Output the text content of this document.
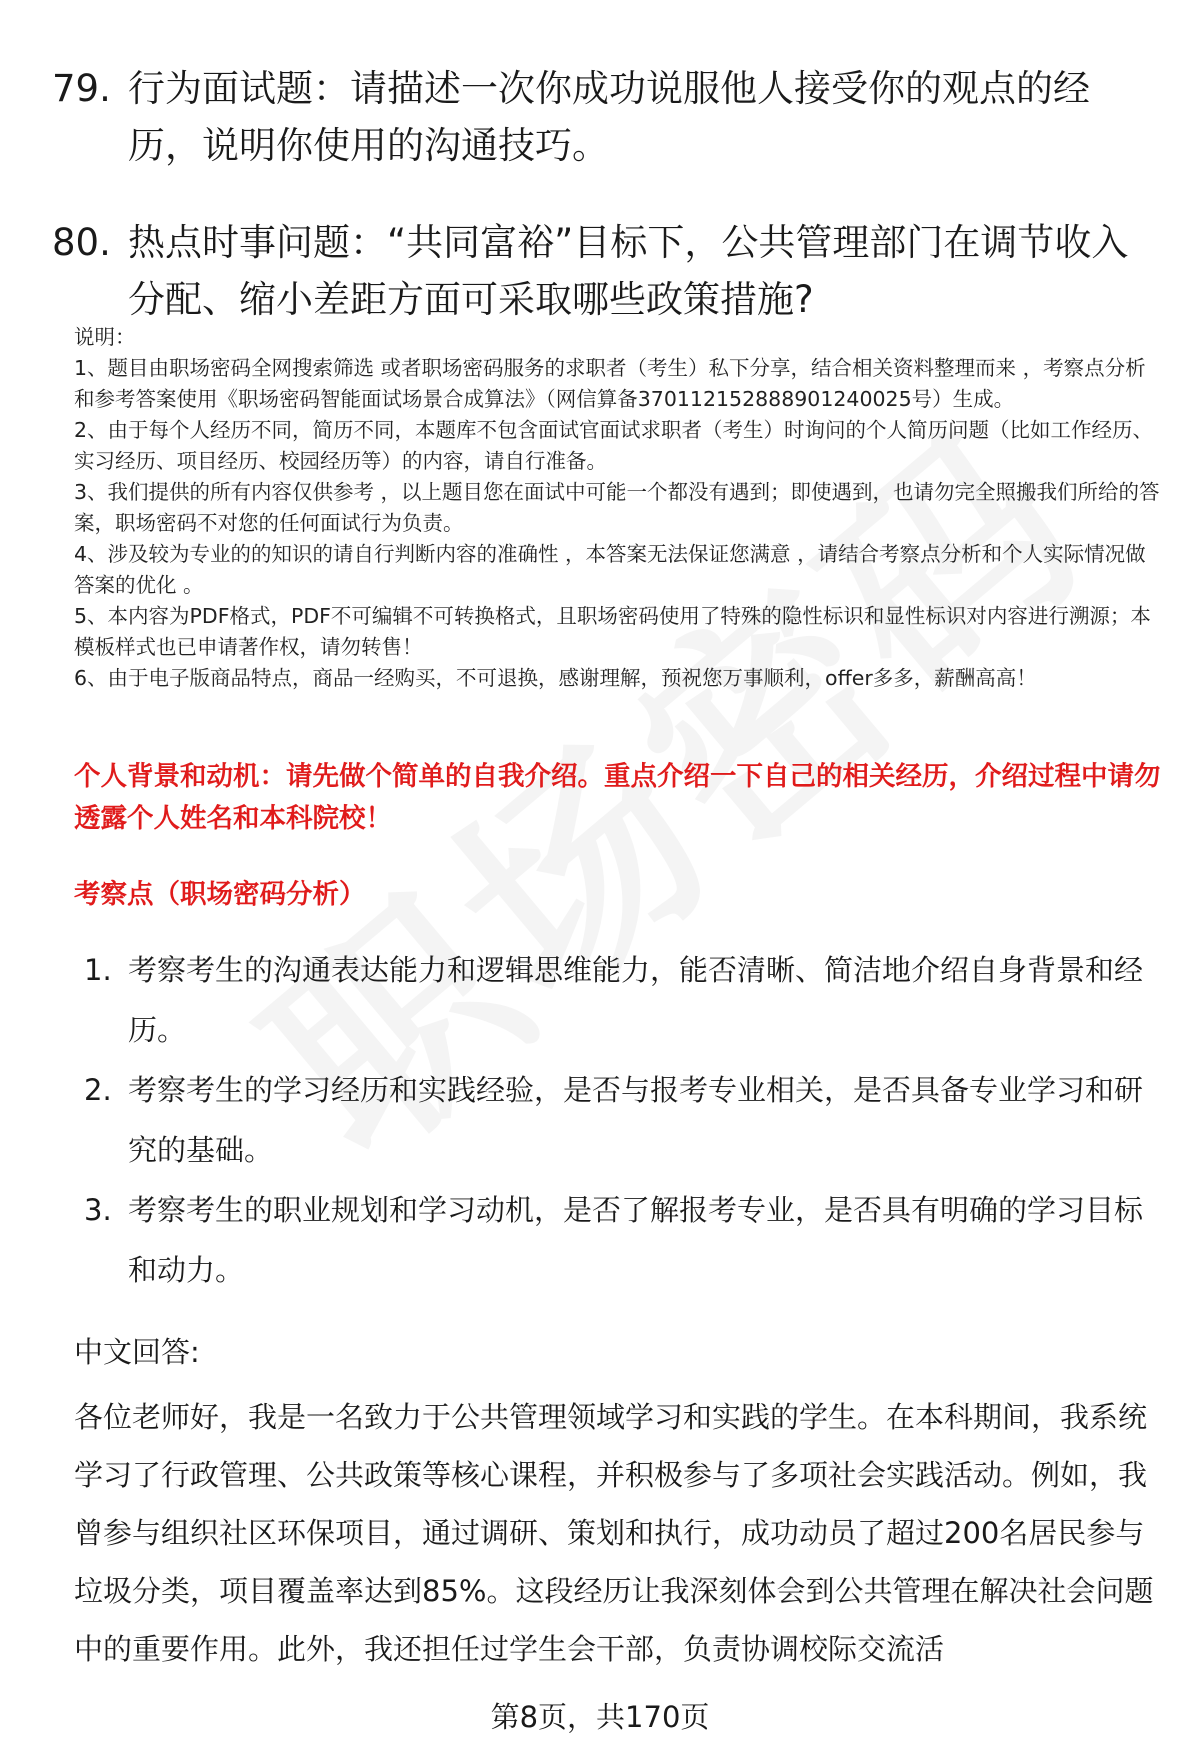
79. 行为面试题：请描述一次你成功说服他人接受你的观点的经历，说明你使用的沟通技巧。
80. 热点时事问题：“共同富裕”目标下，公共管理部门在调节收入分配、缩小差距方面可采取哪些政策措施?

说明：

1、题目由职场密码全网搜索筛选 或者职场密码服务的求职者（考生）私下分享，结合相关资料整理而来 ，考察点分析和参考答案使用《职场密码智能面试场景合成算法》（网信算备370112152888901240025号）生成。

2、由于每个人经历不同，简历不同，本题库不包含面试官面试求职者（考生）时询问的个人简历问题（比如工作经历、实习经历、项目经历、校园经历等）的内容，请自行准备。

3、我们提供的所有内容仅供参考 ，以上题目您在面试中可能一个都没有遇到；即使遇到，也请勿完全照搬我们所给的答案，职场密码不对您的任何面试行为负责。

4、涉及较为专业的的知识的请自行判断内容的准确性 ，本答案无法保证您满意 ，请结合考察点分析和个人实际情况做答案的优化 。

5、本内容为PDF格式，PDF不可编辑不可转换格式，且职场密码使用了特殊的隐性标识和显性标识对内容进行溯源；本模板样式也已申请著作权，请勿转售！

6、由于电子版商品特点，商品一经购买，不可退换，感谢理解，预祝您万事顺利，offer多多，薪酬高高！

个人背景和动机：请先做个简单的自我介绍。重点介绍一下自己的相关经历，介绍过程中请勿透露个人姓名和本科院校！
考察点（职场密码分析）
1. 考察考生的沟通表达能力和逻辑思维能力，能否清晰、简洁地介绍自身背景和经历。
2. 考察考生的学习经历和实践经验，是否与报考专业相关，是否具备专业学习和研究的基础。
3. 考察考生的职业规划和学习动机，是否了解报考专业，是否具有明确的学习目标和动力。
中文回答:

各位老师好，我是一名致力于公共管理领域学习和实践的学生。在本科期间，我系统学习了行政管理、公共政策等核心课程，并积极参与了多项社会实践活动。例如，我曾参与组织社区环保项目，通过调研、策划和执行，成功动员了超过200名居民参与垃圾分类，项目覆盖率达到85%。这段经历让我深刻体会到公共管理在解决社会问题中的重要作用。此外，我还担任过学生会干部，负责协调校际交流活

第8页，共170页
